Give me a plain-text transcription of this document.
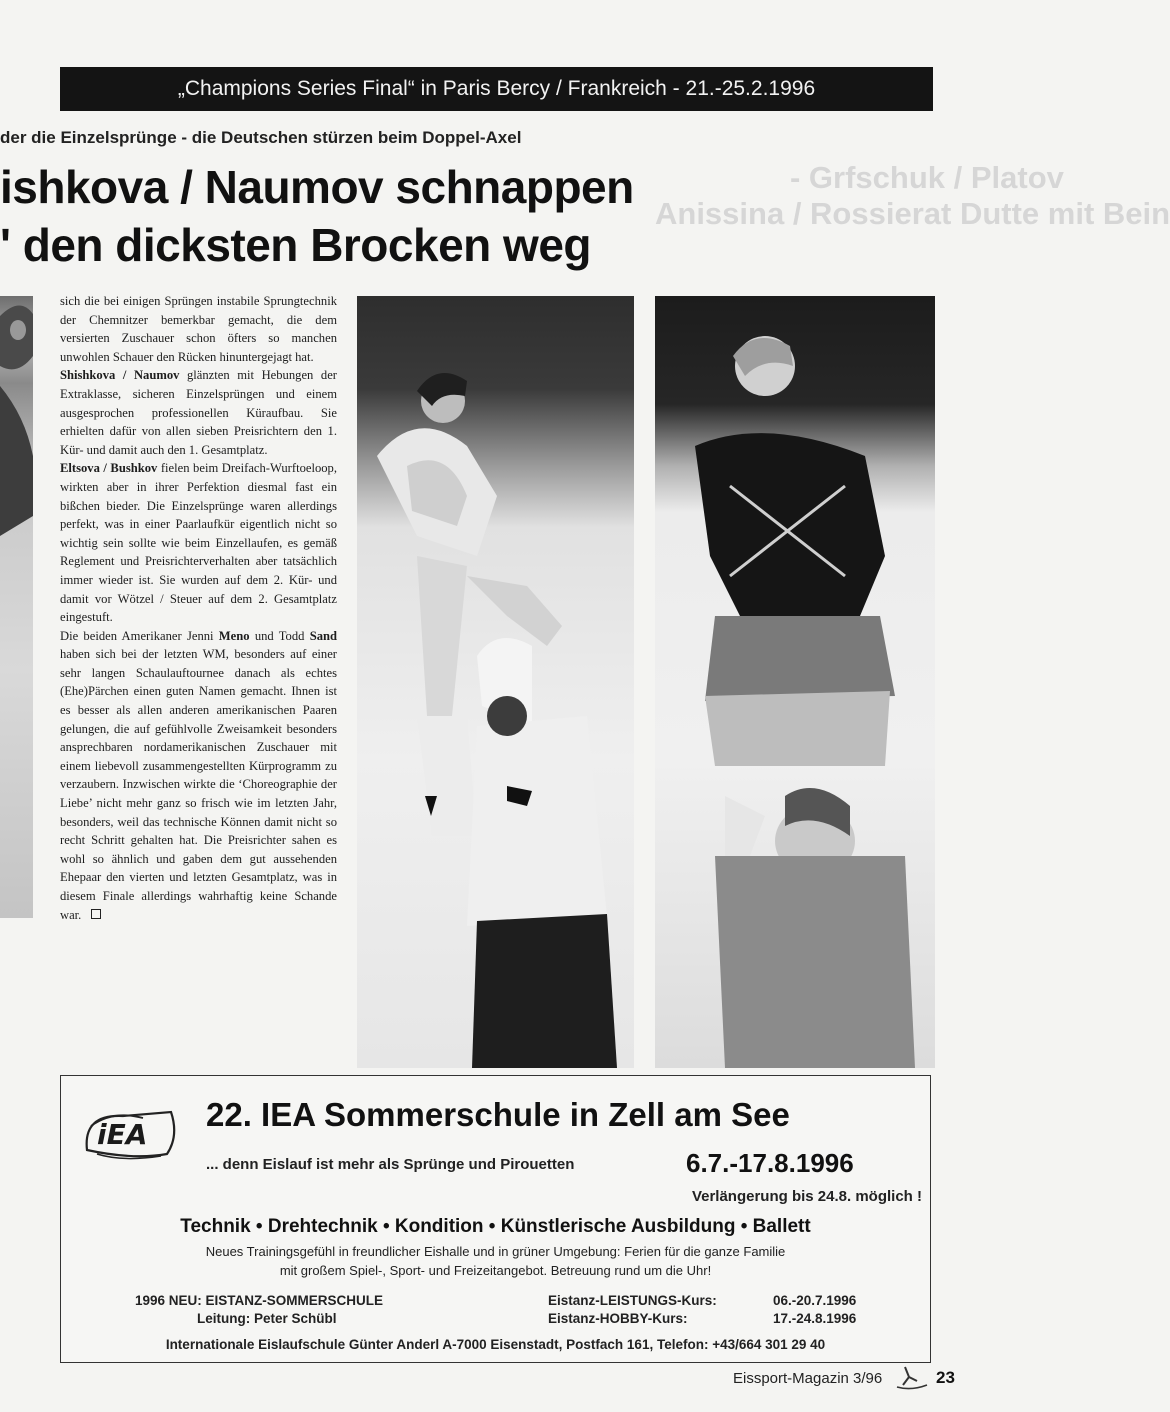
„Champions Series Final“ in Paris Bercy / Frankreich - 21.-25.2.1996
- Grfschuk / Platov
Anissina / Rossierat Dutte mit Bein
der die Einzelsprünge - die Deutschen stürzen beim Doppel-Axel
ishkova / Naumov schnappen
' den dicksten Brocken weg

sich die bei einigen Sprüngen instabile Sprungtechnik der Chemnitzer bemerkbar gemacht, die dem versierten Zuschauer schon öfters so manchen unwohlen Schauer den Rücken hinuntergejagt hat.

Shishkova / Naumov glänzten mit Hebungen der Extraklasse, sicheren Einzelsprüngen und einem ausgesprochen professionellen Küraufbau. Sie erhielten dafür von allen sieben Preisrichtern den 1. Kür- und damit auch den 1. Gesamtplatz.

Eltsova / Bushkov fielen beim Dreifach-Wurftoeloop, wirkten aber in ihrer Perfektion diesmal fast ein bißchen bieder. Die Einzelsprünge waren allerdings perfekt, was in einer Paarlaufkür eigentlich nicht so wichtig sein sollte wie beim Einzellaufen, es gemäß Reglement und Preisrichterverhalten aber tatsächlich immer wieder ist. Sie wurden auf dem 2. Kür- und damit vor Wötzel / Steuer auf dem 2. Gesamtplatz eingestuft.

Die beiden Amerikaner Jenni Meno und Todd Sand haben sich bei der letzten WM, besonders auf einer sehr langen Schaulauftournee danach als echtes (Ehe)Pärchen einen guten Namen gemacht. Ihnen ist es besser als allen anderen amerikanischen Paaren gelungen, die auf gefühlvolle Zweisamkeit besonders ansprechbaren nordamerikanischen Zuschauer mit einem liebevoll zusammengestellten Kürprogramm zu verzaubern. Inzwischen wirkte die ‘Choreographie der Liebe’ nicht mehr ganz so frisch wie im letzten Jahr, besonders, weil das technische Können damit nicht so recht Schritt gehalten hat. Die Preisrichter sahen es wohl so ähnlich und gaben dem gut aussehenden Ehepaar den vierten und letzten Gesamtplatz, was in diesem Finale allerdings wahrhaftig keine Schande war.

iEA
22. IEA Sommerschule in Zell am See
... denn Eislauf ist mehr als Sprünge und Pirouetten	6.7.-17.8.1996
Verlängerung bis 24.8. möglich !
Technik • Drehtechnik • Kondition • Künstlerische Ausbildung • Ballett
Neues Trainingsgefühl in freundlicher Eishalle und in grüner Umgebung: Ferien für die ganze Familie
mit großem Spiel-, Sport- und Freizeitangebot. Betreuung rund um die Uhr!
1996 NEU: EISTANZ-SOMMERSCHULE
Leitung: Peter Schübl
Eistanz-LEISTUNGS-Kurs:
Eistanz-HOBBY-Kurs:
06.-20.7.1996
17.-24.8.1996
Internationale Eislaufschule Günter Anderl A-7000 Eisenstadt, Postfach 161, Telefon: +43/664 301 29 40
Eissport-Magazin 3/96	23
